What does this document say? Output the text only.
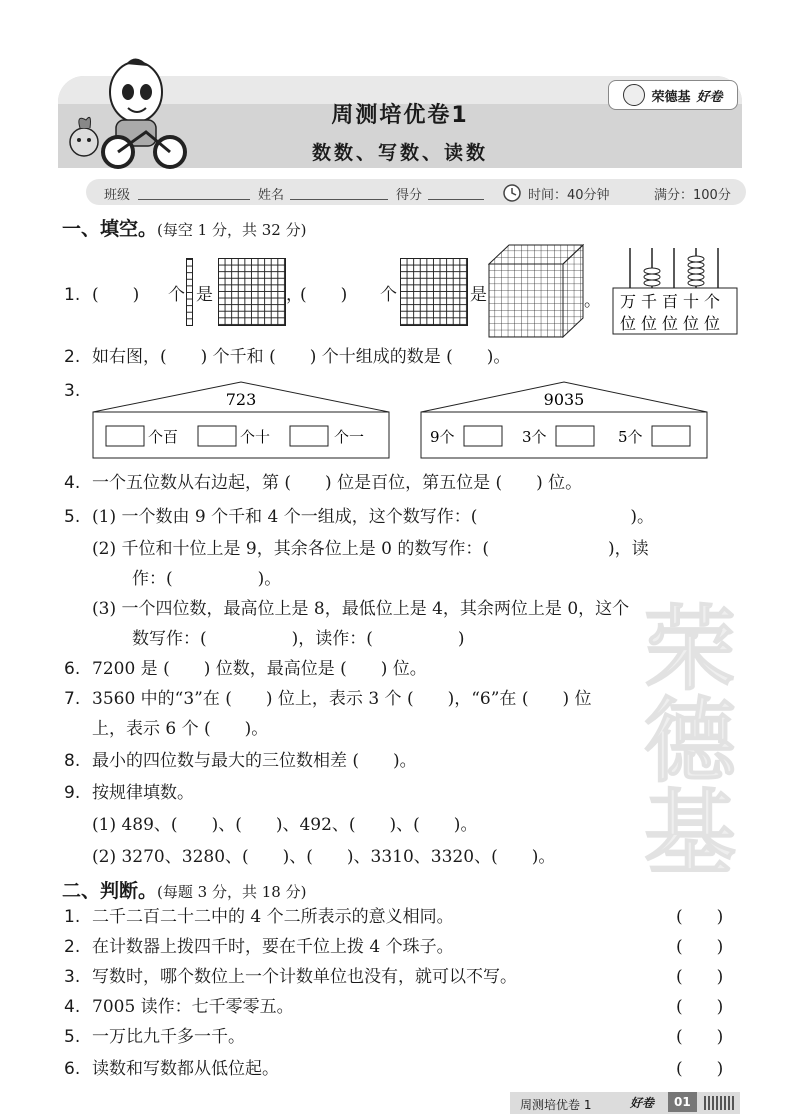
周测培优卷1
数数、写数、读数
荣德基 好卷
班级	姓名	得分	时间：40分钟	满分：100分
荣德基
一、填空。(每空 1 分，共 32 分)
1. (　　) 个 是	，
(　　) 个	是	。 万千百十个
位位位位位
2. 如右图，(　　) 个千和 (　　) 个十组成的数是 (　　)。
3.	723
个百	个十	个一
9035
9个	3个	5个
4. 一个五位数从右边起，第 (　　) 位是百位，第五位是 (　　) 位。
5. (1) 一个数由 9 个千和 4 个一组成，这个数写作：(　　　　　　　　　)。
(2) 千位和十位上是 9，其余各位上是 0 的数写作：(　　　　　　　)，读
作：(　　　　　)。
(3) 一个四位数，最高位上是 8，最低位上是 4，其余两位上是 0，这个
数写作：(　　　　　)，读作：(　　　　　)
6. 7200 是 (　　) 位数，最高位是 (　　) 位。
7. 3560 中的“3”在 (　　) 位上，表示 3 个 (　　)，“6”在 (　　) 位
上，表示 6 个 (　　)。
8. 最小的四位数与最大的三位数相差 (　　)。
9. 按规律填数。
(1) 489、(　　)、(　　)、492、(　　)、(　　)。
(2) 3270、3280、(　　)、(　　)、3310、3320、(　　)。
二、判断。(每题 3 分，共 18 分)
1. 二千二百二十二中的 4 个二所表示的意义相同。	(　　)
2. 在计数器上拨四千时，要在千位上拨 4 个珠子。	(　　)
3. 写数时，哪个数位上一个计数单位也没有，就可以不写。	(　　)
4. 7005 读作：七千零零五。	(　　)
5. 一万比九千多一千。	(　　)
6. 读数和写数都从低位起。	(　　)
周测培优卷 1	好卷	01
